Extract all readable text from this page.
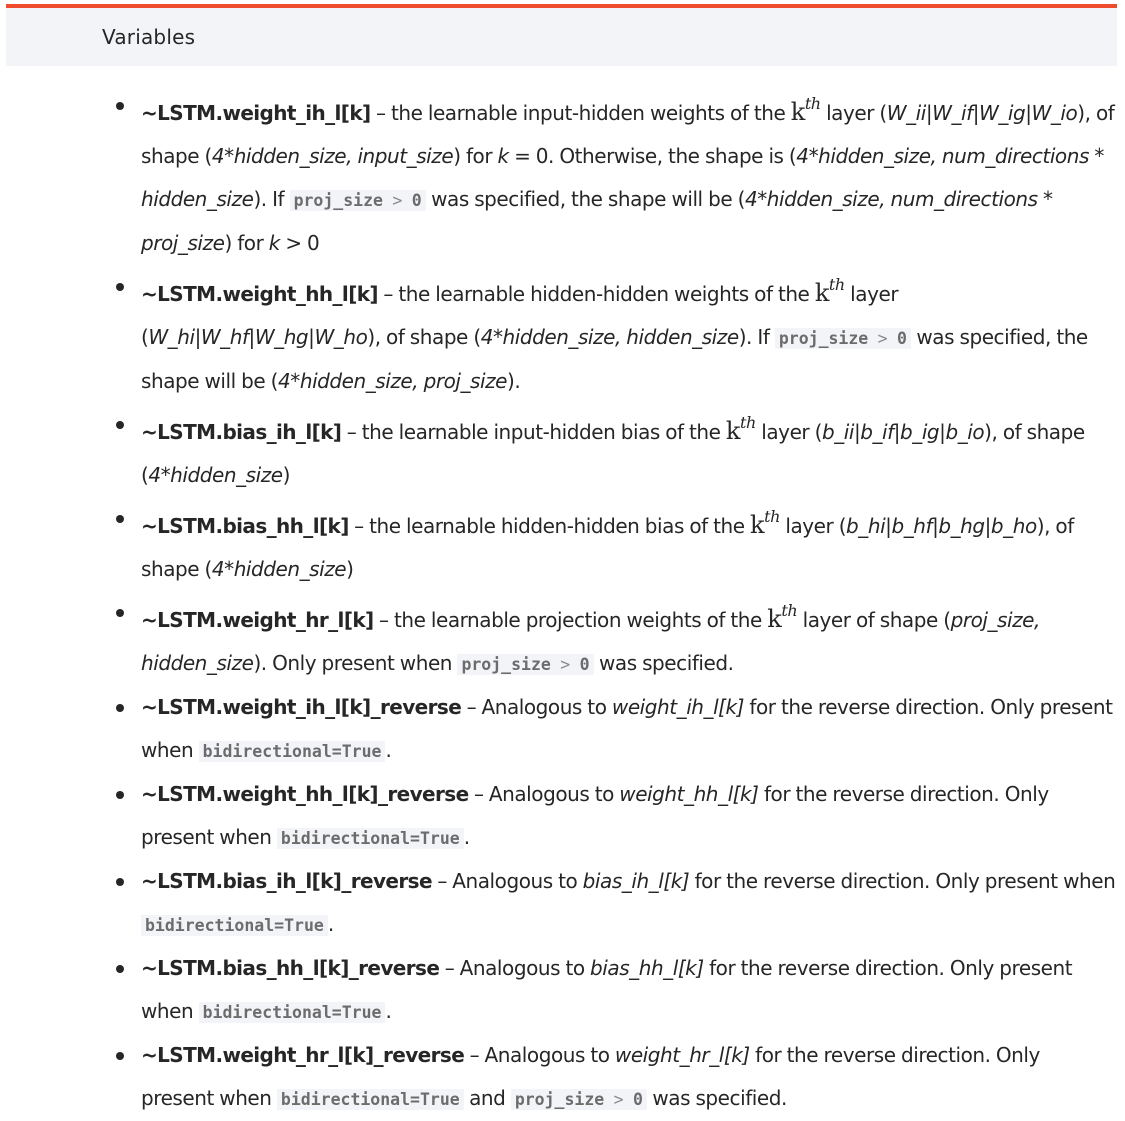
Variables
~LSTM.weight_ih_l[k] – the learnable input-hidden weights of the $k^{th}$ layer (W_ii|W_if|W_ig|W_io), of shape (4*hidden_size, input_size) for k = 0. Otherwise, the shape is (4*hidden_size, num_directions * hidden_size). If proj_size > 0 was specified, the shape will be (4*hidden_size, num_directions * proj_size) for k > 0
~LSTM.weight_hh_l[k] – the learnable hidden-hidden weights of the $k^{th}$ layer (W_hi|W_hf|W_hg|W_ho), of shape (4*hidden_size, hidden_size). If proj_size > 0 was specified, the shape will be (4*hidden_size, proj_size).
~LSTM.bias_ih_l[k] – the learnable input-hidden bias of the $k^{th}$ layer (b_ii|b_if|b_ig|b_io), of shape (4*hidden_size)
~LSTM.bias_hh_l[k] – the learnable hidden-hidden bias of the $k^{th}$ layer (b_hi|b_hf|b_hg|b_ho), of shape (4*hidden_size)
~LSTM.weight_hr_l[k] – the learnable projection weights of the $k^{th}$ layer of shape (proj_size, hidden_size). Only present when proj_size > 0 was specified.
~LSTM.weight_ih_l[k]_reverse – Analogous to weight_ih_l[k] for the reverse direction. Only present when bidirectional=True .
~LSTM.weight_hh_l[k]_reverse – Analogous to weight_hh_l[k] for the reverse direction. Only present when bidirectional=True .
~LSTM.bias_ih_l[k]_reverse – Analogous to bias_ih_l[k] for the reverse direction. Only present when bidirectional=True .
~LSTM.bias_hh_l[k]_reverse – Analogous to bias_hh_l[k] for the reverse direction. Only present when bidirectional=True .
~LSTM.weight_hr_l[k]_reverse – Analogous to weight_hr_l[k] for the reverse direction. Only present when bidirectional=True and proj_size > 0 was specified.
